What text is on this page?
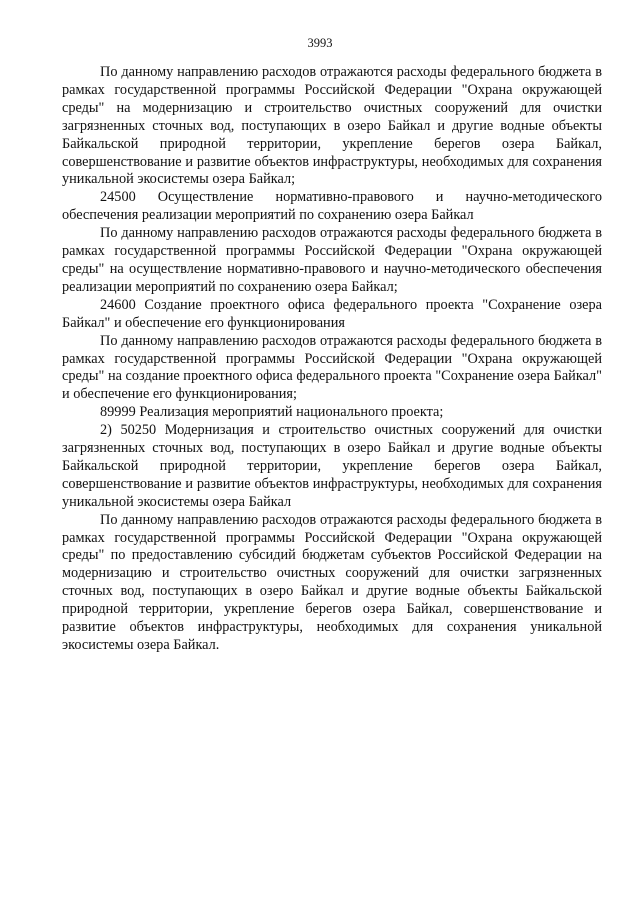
3993

По данному направлению расходов отражаются расходы федерального бюджета в рамках государственной программы Российской Федерации "Охрана окружающей среды" на модернизацию и строительство очистных сооружений для очистки загрязненных сточных вод, поступающих в озеро Байкал и другие водные объекты Байкальской природной территории, укрепление берегов озера Байкал, совершенствование и развитие объектов инфраструктуры, необходимых для сохранения уникальной экосистемы озера Байкал;

24500 Осуществление нормативно-правового и научно-методического обеспечения реализации мероприятий по сохранению озера Байкал

По данному направлению расходов отражаются расходы федерального бюджета в рамках государственной программы Российской Федерации "Охрана окружающей среды" на осуществление нормативно-правового и научно-методического обеспечения реализации мероприятий по сохранению озера Байкал;

24600 Создание проектного офиса федерального проекта "Сохранение озера Байкал" и обеспечение его функционирования

По данному направлению расходов отражаются расходы федерального бюджета в рамках государственной программы Российской Федерации "Охрана окружающей среды" на создание проектного офиса федерального проекта "Сохранение озера Байкал" и обеспечение его функционирования;

89999 Реализация мероприятий национального проекта;

2) 50250 Модернизация и строительство очистных сооружений для очистки загрязненных сточных вод, поступающих в озеро Байкал и другие водные объекты Байкальской природной территории, укрепление берегов озера Байкал, совершенствование и развитие объектов инфраструктуры, необходимых для сохранения уникальной экосистемы озера Байкал

По данному направлению расходов отражаются расходы федерального бюджета в рамках государственной программы Российской Федерации "Охрана окружающей среды" по предоставлению субсидий бюджетам субъектов Российской Федерации на модернизацию и строительство очистных сооружений для очистки загрязненных сточных вод, поступающих в озеро Байкал и другие водные объекты Байкальской природной территории, укрепление берегов озера Байкал, совершенствование и развитие объектов инфраструктуры, необходимых для сохранения уникальной экосистемы озера Байкал.
